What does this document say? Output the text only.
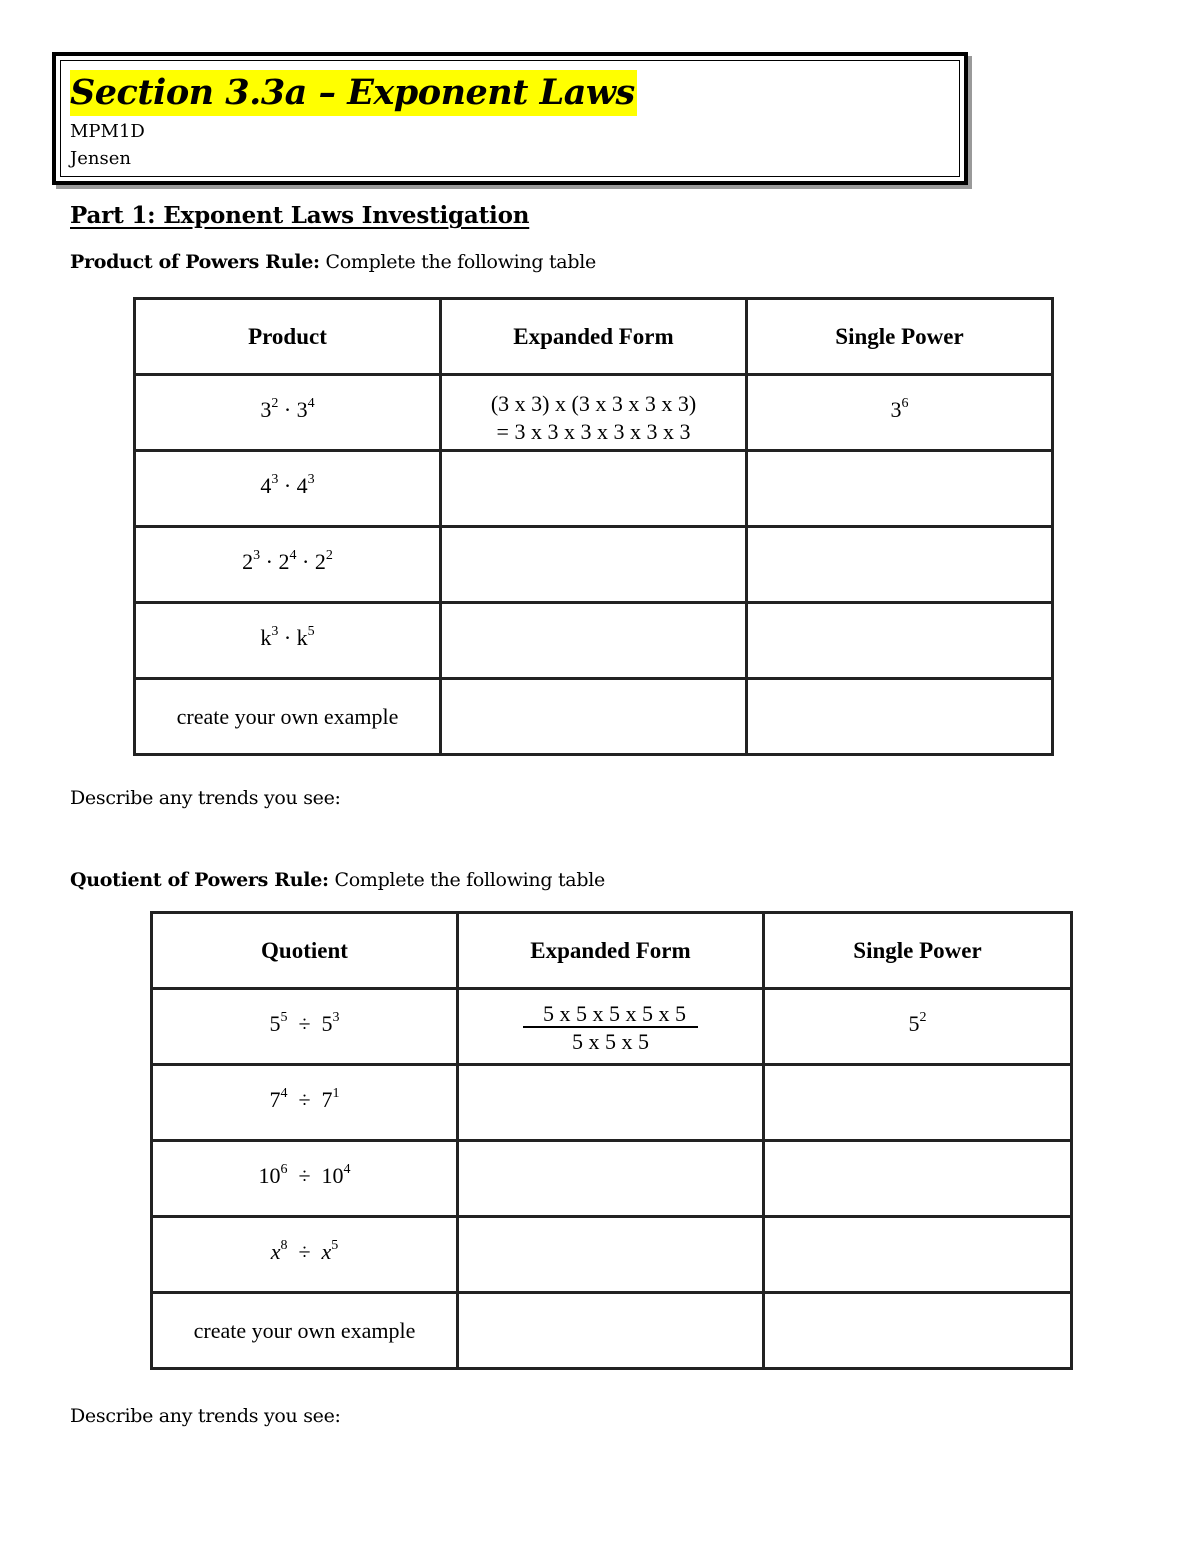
Section 3.3a – Exponent Laws
MPM1D
Jensen
Part 1: Exponent Laws Investigation
Product of Powers Rule: Complete the following table
Product	Expanded Form	Single Power

$3^2 \cdot 3^4$	(3 x 3) x (3 x 3 x 3 x 3)
= 3 x 3 x 3 x 3 x 3 x 3	$3^6$

$4^3 \cdot 4^3$

$2^3 \cdot 2^4 \cdot 2^2$

$k^3 \cdot k^5$

create your own example		
Describe any trends you see:
Quotient of Powers Rule: Complete the following table
Quotient	Expanded Form	Single Power

$5^5 \div 5^3$	5 x 5 x 5 x 5 x 5
5 x 5 x 5	$5^2$

$7^4 \div 7^1$

$10^6 \div 10^4$

$x^8 \div x^5$

create your own example		
Describe any trends you see:
